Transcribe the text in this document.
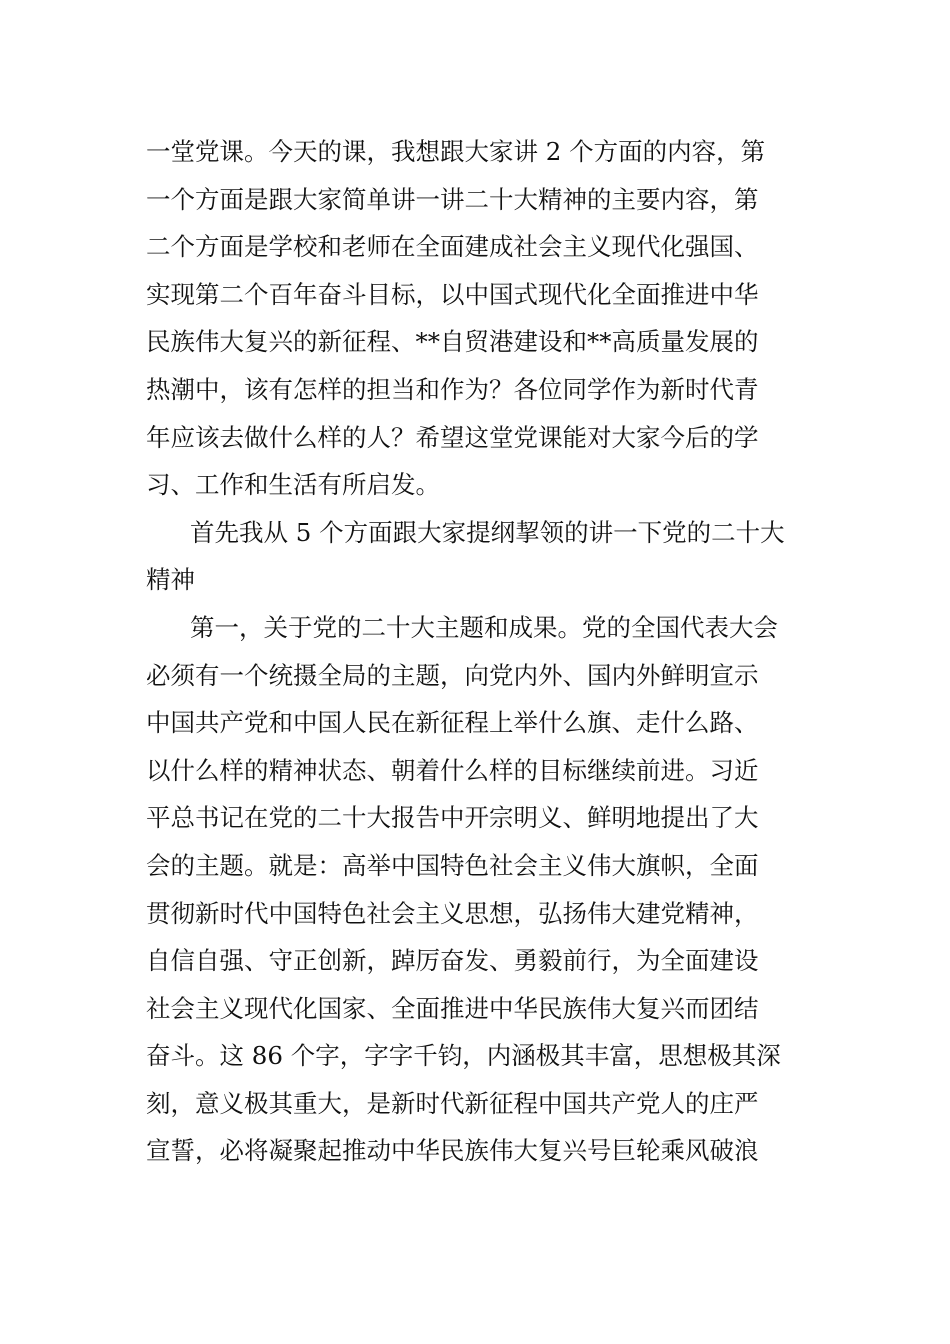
一堂党课。今天的课，我想跟大家讲 2 个方面的内容，第
一个方面是跟大家简单讲一讲二十大精神的主要内容，第
二个方面是学校和老师在全面建成社会主义现代化强国、
实现第二个百年奋斗目标，以中国式现代化全面推进中华
民族伟大复兴的新征程、**自贸港建设和**高质量发展的
热潮中，该有怎样的担当和作为？各位同学作为新时代青
年应该去做什么样的人？希望这堂党课能对大家今后的学
习、工作和生活有所启发。
首先我从 5 个方面跟大家提纲挈领的讲一下党的二十大
精神
第一，关于党的二十大主题和成果。党的全国代表大会
必须有一个统摄全局的主题，向党内外、国内外鲜明宣示
中国共产党和中国人民在新征程上举什么旗、走什么路、
以什么样的精神状态、朝着什么样的目标继续前进。习近
平总书记在党的二十大报告中开宗明义、鲜明地提出了大
会的主题。就是：高举中国特色社会主义伟大旗帜，全面
贯彻新时代中国特色社会主义思想，弘扬伟大建党精神，
自信自强、守正创新，踔厉奋发、勇毅前行，为全面建设
社会主义现代化国家、全面推进中华民族伟大复兴而团结
奋斗。这 86 个字，字字千钧，内涵极其丰富，思想极其深
刻，意义极其重大，是新时代新征程中国共产党人的庄严
宣誓，必将凝聚起推动中华民族伟大复兴号巨轮乘风破浪
